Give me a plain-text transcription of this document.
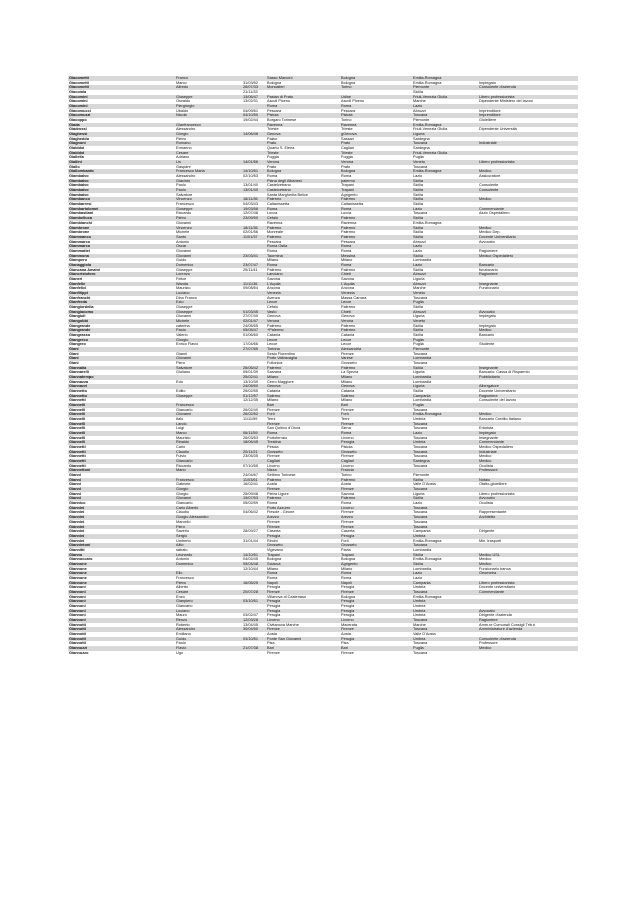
Giacometti	Franco		Sasso Marconi	Bologna	Emilia-Romagna	
Giacometti	Marco	31/03/52	Bologna	Bologna	Emilia-Romagna	Impiegato
Giacometti	Alfredo	26/07/33	Moncalieri	Torino	Piemonte	Consulente d'azienda
Giacomia		21/11/33			Sicilia	
Giacomini	Giuseppe	13/06/47	Pasian di Prato	Udine	Friuli-Venezia Giulia	Libero professionista
Giacomini	Osvaldo	13/02/31	Ascoli Piceno	Ascoli Piceno	Marche	Dipendente Ministero del lavoro
Giacomini	Piergiorgio		Roma	Roma	Lazio	
Giacomucci	Ubaldo	04/09/61	Pescara	Pescara	Abruzzi	Imprenditore
Giacomuzzi	Nicola	04/10/50	Pistoia	Pistoia	Toscana	Imprenditore
Giacoppo		19/02/44	Borgaro Torinese	Torino	Piemonte	Gioielliere
Giada	Gianfrancesco		Ravenna	Ravenna	Emilia-Romagna	
Giadrossi	Alessandro		Trieste	Trieste	Friuli-Venezia Giulia	Dipendente Università
Giaghessi	Giorgio	14/06/48	Genova	gGenova	Liguria	
Giagheddu	Pietro		Palau	Sassari	Sardegna	
Giagnoni	Romano		Prato	Prato	Toscana	Industriale
Giaiddoi	Ermanno		Quartu S. Elena	Cagliari	Sardegna	
Giaiddoi	Cesare		Trieste	Trieste	Friuli-Venezia Giulia	
Giallella	Adriano		Foggia	Foggia	Puglia	
Giallini	Lis	14/01/56	Verona	Verona	Veneto	Libero professionista
Giallo	Gaspare		Prato	Prato	Toscana	
Giallombardo	Francesco Maria	14/10/51	Bologna	Bologna	Emilia-Romagna	Medico
Giambalvo	Alessandro	02/10/53	Roma	Roma	Lazio	Assicuratore
Giambalvo	Giacinto		Piana degli Albanesi	palermo	Sicilia	
Giambalvo	Paolo	13/01/40	Castelvetrano	Trapani	Sicilia	Consulente
Giambalvo	Paolo	13/01/40	Castelvetrano	Trapani	Sicilia	Consulente
Giambalvo	Salvatore		Santa Margherita Belice	Agrigento	Sicilia	
Giambanco	Vincenzo	18/11/36	Palermo	Palermo	Sicilia	Medico
Giambarresi	Francesco	04/03/43	Caltanissetta	Caltanissetta	Sicilia	
Giambartolomei	Giuseppe	19/03/58	Roma	Roma	Lazio	Commerciante
Giambastiani	Riccardo	12/07/48	Lucca	Lucca	Toscana	Aiuto Ospedaliero
Giambelluca	Pietro	23/09/50	Cefalù	Palermo	Sicilia	
Giambianchi	Giovanni		Ravenna	Ravenna	Emilia-Romagna	
Giambrone	Vincenzo	18/11/36	Palermo	Palermo	Sicilia	Medico
Giambrone	Michele	02/01/56	Monreale	Palermo	Sicilia	Medico Dep.
Giammanco	Santo	11/01/37	Palermo	Palermo	Sicilia	Docente Universitario
Giammarco	Antonio		Pescara	Pescara	Abruzzi	Avvocato
Giammarco	Oscar		Roma Ostia	Roma	Lazio	
Giammattei	Giovanni		Roma	Roma	Lazio	Ragioniere
Giammona	Giovanni	23/03/41	Taormina	Messina	Sicilia	Medico Ospedaliero
Giamperu	Guido		Milano	Milano	Lombardia	
Gianaggiolo	Domenico	23/07/47	Roma	Roma	Lazio	Bancario
Giancana Amaini	Giuseppe	25/11/41	Palermo	Palermo	Sicilia	funzionario
Giancristoforo	Lorenzo		Lanciano	Chieti	Abruzzi	Ragioniere
Gianeri	Felice		Savona	Savona	Liguria	
Gianfelle	Wanda	11/11/36	L'Aquila	L'Aquila	Abruzzi	Insegnante
Gianfelici	Maurizio	09/08/54	Ancona	Ancona	Marche	Funzionario
Gianfilippi	Luciano		Venezia	Venezia	Veneto	
Gianfranchi	Dino Franco		Avenza	Massa Carrara	Toscana	
Gianfreda	Ezio		Lecce	Lecce	Puglia	
Giangiordella	Giuseppe		Cefalù	Palermo	Sicilia	
Giangiacomo	Giuseppe	01/03/45	Vasto	Chieti	Abruzzi	Avvocato
Giangiuli	Giovanni	27/07/40	Genova	Genova	Liguria	Impiegato
Giangobbi	Michele	02/01/47	Verona	Verona	Veneto	
Giangrande	caterina	24/05/55	Palermo	Palermo	Sicilia	Impiegato
Giangrande	Paolo	05/05/47	+Palermo	Palermo	Sicilia	Medico
Giangrasso	Valerio	01/06/60	Catania	Catania	Sicilia	Bancario
Giangreco	Giorgio		Lecce	Lecce	Puglia	
Giangreo	Enrico Flavio	17/04/66	Lecce	Lecce	Puglia	Studente
Giani		27/07/65	Tortona	Alessandria	Piemonte	
Giani	Gianni		Sesto Fiorentino	Firenze	Toscana	
Giani	Giovanni		Porto Valtravaglia	Varese	Lombardia	
Giani	Piero		Follonica	Grosseto	Toscana	
Giannalia	Salvatore	26/05/42	Palermo	Palermo	Sicilia	Insegnante
Giannarelli	Giuliano	09/01/39	Sarzana	La Spezia	Liguria	Bancario: Cassa di Risparmio
Giannatempo		25/02/41	Milano	Milano	Lombardia	Pubblicitario
Giannazza	Edo	13/10/39	Cerro Maggiore	Milano	Lombardia	
Giannazzi		24/05/50	Genova	Genova	Liguria	Albergatore
Giannetto	Edilio	25/02/55	Catania	Catania	Sicilia	Docente Universitario
Giannetto	Giuseppe	01/12/57	Salerno	Salerno	Campania	Ragioniere
Giannetti		12/12/35	Milano	Milano	Lombardia	Consulente del lavoro
Giannelli	Francesco		Bari	Bari	Puglia	
Giannelli	Giancarlo	26/02/40	Firenze	Firenze	Toscana	
Giannelli	Giovanni	26/02/52	Forlì	Forlì	Emilia-Romagna	Medico
Giannelli	Italo	11/11/59	Terni	Terni	Umbria	Bancario Credito Italiano
Giannelli	Lando		Firenze	Firenze	Toscana	
Giannelli	Luigi		San Quirico d'Orcia	Siena	Toscana	Ertorista
Giannelli	Marco	06/11/59	Roma	Roma	Lazio	Impiegato
Giannelli	Maurizio	26/03/53	Portoferraio	Livorno	Toscana	Insegnante
Giannelli	Rinaldo	18/06/45	Trestina	Perugia	Umbria	Commerciante
Giannetti	Carlo		Pescia	Pistoia	Toscana	Medico Ospedaliero
Giannetti	Claudio	20/11/21	Grosseto	Grosseto	Toscana	Industriale
Giannetti	Fulvio	23/05/35	Firenze	Firenze	Toscana	Medico
Giannetti	Giancarlo		Cagliari	Cagliari	Sardegna	Medico
Giannetti	Riccardo	07/10/55	Livorno	Livorno	Toscana	Oculista
Giannettoni	Mario		Nizza	Francia		Professore
Gianni		24/04/67	Settimo Torinese	Torino	Piemonte	
Gianni	Francesco	11/03/61	Palermo	Palermo	Sicilia	Notaio
Gianni	Gabriele	16/02/41	Aosta	Aosta	Valle D'Aosta	Otalto-gioielliere
Gianni	Giorgio		Firenze	Firenze	Toscana	
Gianni	Giorgio	25/09/48	Pietra Ligure	Savona	Liguria	Libero professionista
Gianni	Giovanni	19/07/53	Palermo	Palermo	Sicilia	Avvocato
Giannico	Giancarlo	05/02/59	Roma	Roma	Lazio	Oculista
Giannini	Carlo Alberto		Porto Azzurro	Livorno	Toscana	
Giannini	Claudio	04/06/42	Fiesole - Girone	Firenze	Toscana	Rappresentante
Giannini	Giorgio Alessandro		Arezzo	Arezzo	Toscana	Architetto
Giannini	Marcello		Firenze	Firenze	Toscana	
Giannini	Piero		Firenze	Firenze	Toscana	
Giannini	Saverio	28/09/27	Caserta	Caserta	Campania	Dirigente
Giannini	Sergio		Perugia	Perugia	Umbria	
Giannini	Umberto	31/01/44	Rimini	Forlì	Emilia-Romagna	Min. trasporti
Giannintoni	Alfio		Grosseto	Grosseto	Toscana	
Giannitti	sabato		Vigevano	Pavia	Lombardia	
Gianno	Leonardo	14/10/51	Trapani	Trapani	Sicilia	Medico USL
Giannoccaro	Antonio	04/02/45	Bologna	Bologna	Emilia-Romagna	Medico
Giannone	Domenico	05/04/48	Sciacca	Agrigento	Sicilia	Medico
Giannone		12/10/44	Milano	Milano	Lombardia	Funzionario banca
Giannone	Ello		Roma	Roma	Lazio	Geometra
Giannone	Francesco		Roma	Roma	Lazio	
Giannone	Pietro	16/05/25	Napoli	Napoli	Campania	Libero professionista
Giannoni	Alberto		Perugia	Perugia	Umbria	Docente universitario
Giannoni	Cesare	20/07/28	Firenze	Firenze	Toscana	Commerciante
Giannoni	Enzo		Villanova di Castenaso	Bologna	Emilia-Romagna	
Giannoni	Gianpiero	03/10/51	Perugia	Perugia	Umbria	
Giannoni	Giancarlo		Perugia	Perugia	Umbria	
Giannoni	Luciano		Perugia	Perugia	Umbria	Avvocato
Giannoni	Mauro	03/02/47	Perugia	Perugia	Umbria	Dirigente d'azienda
Giannoni	Renzo	12/03/28	Livorno	Livorno	Toscana	Ragioniere
Giannotti	Roberto	13/04/45	Civitanova Marche	Macerata	Marche	Amm.re Comunali Consigli Trib.ri
Giannotti	Alessandro	30/04/50	Firenze	Firenze	Toscana	Amministratore d'azienda
Giannotti	Emiliano		Aosta	Aosta	Valle D'Aosta	
Giannotti	Guido	03/10/51	Ponte San Giovanni	Perugia	Umbria	Consulente d'azienda
Giannotti	Paolo		Pisa	Pisa	Toscana	Professore
Giannuzzi	Flavio	21/07/38	Bari	Bari	Puglia	Medico
Giannuzzo	Ugo		Firenze	Firenze	Toscana	
